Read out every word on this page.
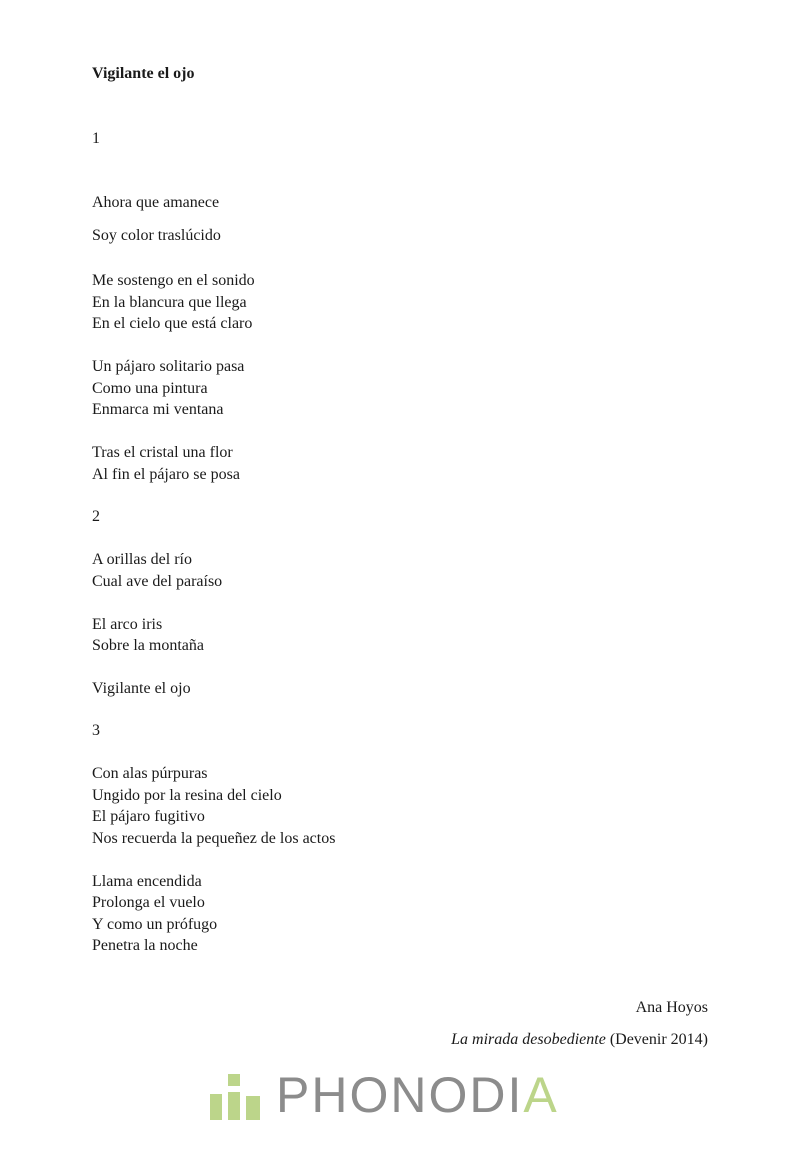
Vigilante el ojo
1
Ahora que amanece
Soy color traslúcido
Me sostengo en el sonido
En la blancura que llega
En el cielo que está claro
Un pájaro solitario pasa
Como una pintura
Enmarca mi ventana
Tras el cristal una flor
Al fin el pájaro se posa
2
A orillas del río
Cual ave del paraíso
El arco iris
Sobre la montaña
Vigilante el ojo
3
Con alas púrpuras
Ungido por la resina del cielo
El pájaro fugitivo
Nos recuerda la pequeñez de los actos
Llama encendida
Prolonga el vuelo
Y como un prófugo
Penetra la noche
Ana Hoyos
La mirada desobediente (Devenir 2014)
PHONODIA
